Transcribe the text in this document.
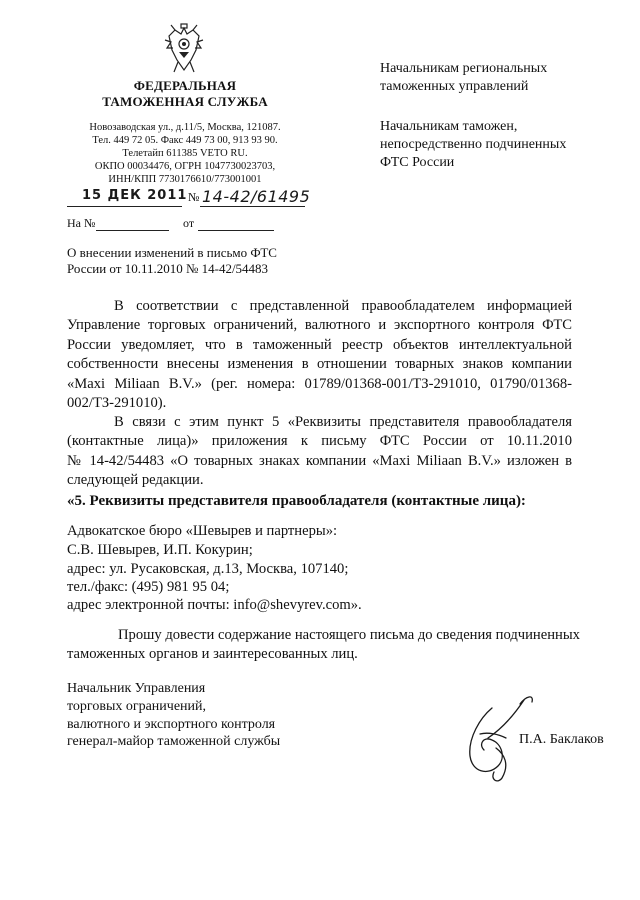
ФЕДЕРАЛЬНАЯ
ТАМОЖЕННАЯ СЛУЖБА
Новозаводская ул., д.11/5, Москва, 121087.
Тел. 449 72 05. Факс 449 73 00, 913 93 90.
Телетайп 611385 VETO RU.
ОКПО 00034476, ОГРН 1047730023703,
ИНН/КПП 7730176610/773001001
Начальникам региональных
таможенных управлений
Начальникам таможен,
непосредственно подчиненных
ФТС России
15 ДЕК 2011 № 14-42/61495
На №	от
О внесении изменений в письмо ФТС
России от 10.11.2010 № 14-42/54483
В соответствии с представленной правообладателем информацией
Управление торговых ограничений, валютного и экспортного контроля ФТС
России уведомляет, что в таможенный реестр объектов интеллектуальной
собственности внесены изменения в отношении товарных знаков компании
«Maxi Miliaan B.V.» (рег. номера: 01789/01368-001/ТЗ-291010, 01790/01368-
002/ТЗ-291010).
В связи с этим пункт 5 «Реквизиты представителя правообладателя
(контактные лица)» приложения к письму ФТС России от 10.11.2010
№ 14-42/54483 «О товарных знаках компании «Maxi Miliaan B.V.» изложен в
следующей редакции.
«5. Реквизиты представителя правообладателя (контактные лица):
Адвокатское бюро «Шевырев и партнеры»:
С.В. Шевырев, И.П. Кокурин;
адрес: ул. Русаковская, д.13, Москва, 107140;
тел./факс: (495) 981 95 04;
адрес электронной почты: info@shevyrev.com».
Прошу довести содержание настоящего письма до сведения подчиненных
таможенных органов и заинтересованных лиц.
Начальник Управления
торговых ограничений,
валютного и экспортного контроля
генерал-майор таможенной службы	П.А. Баклаков
